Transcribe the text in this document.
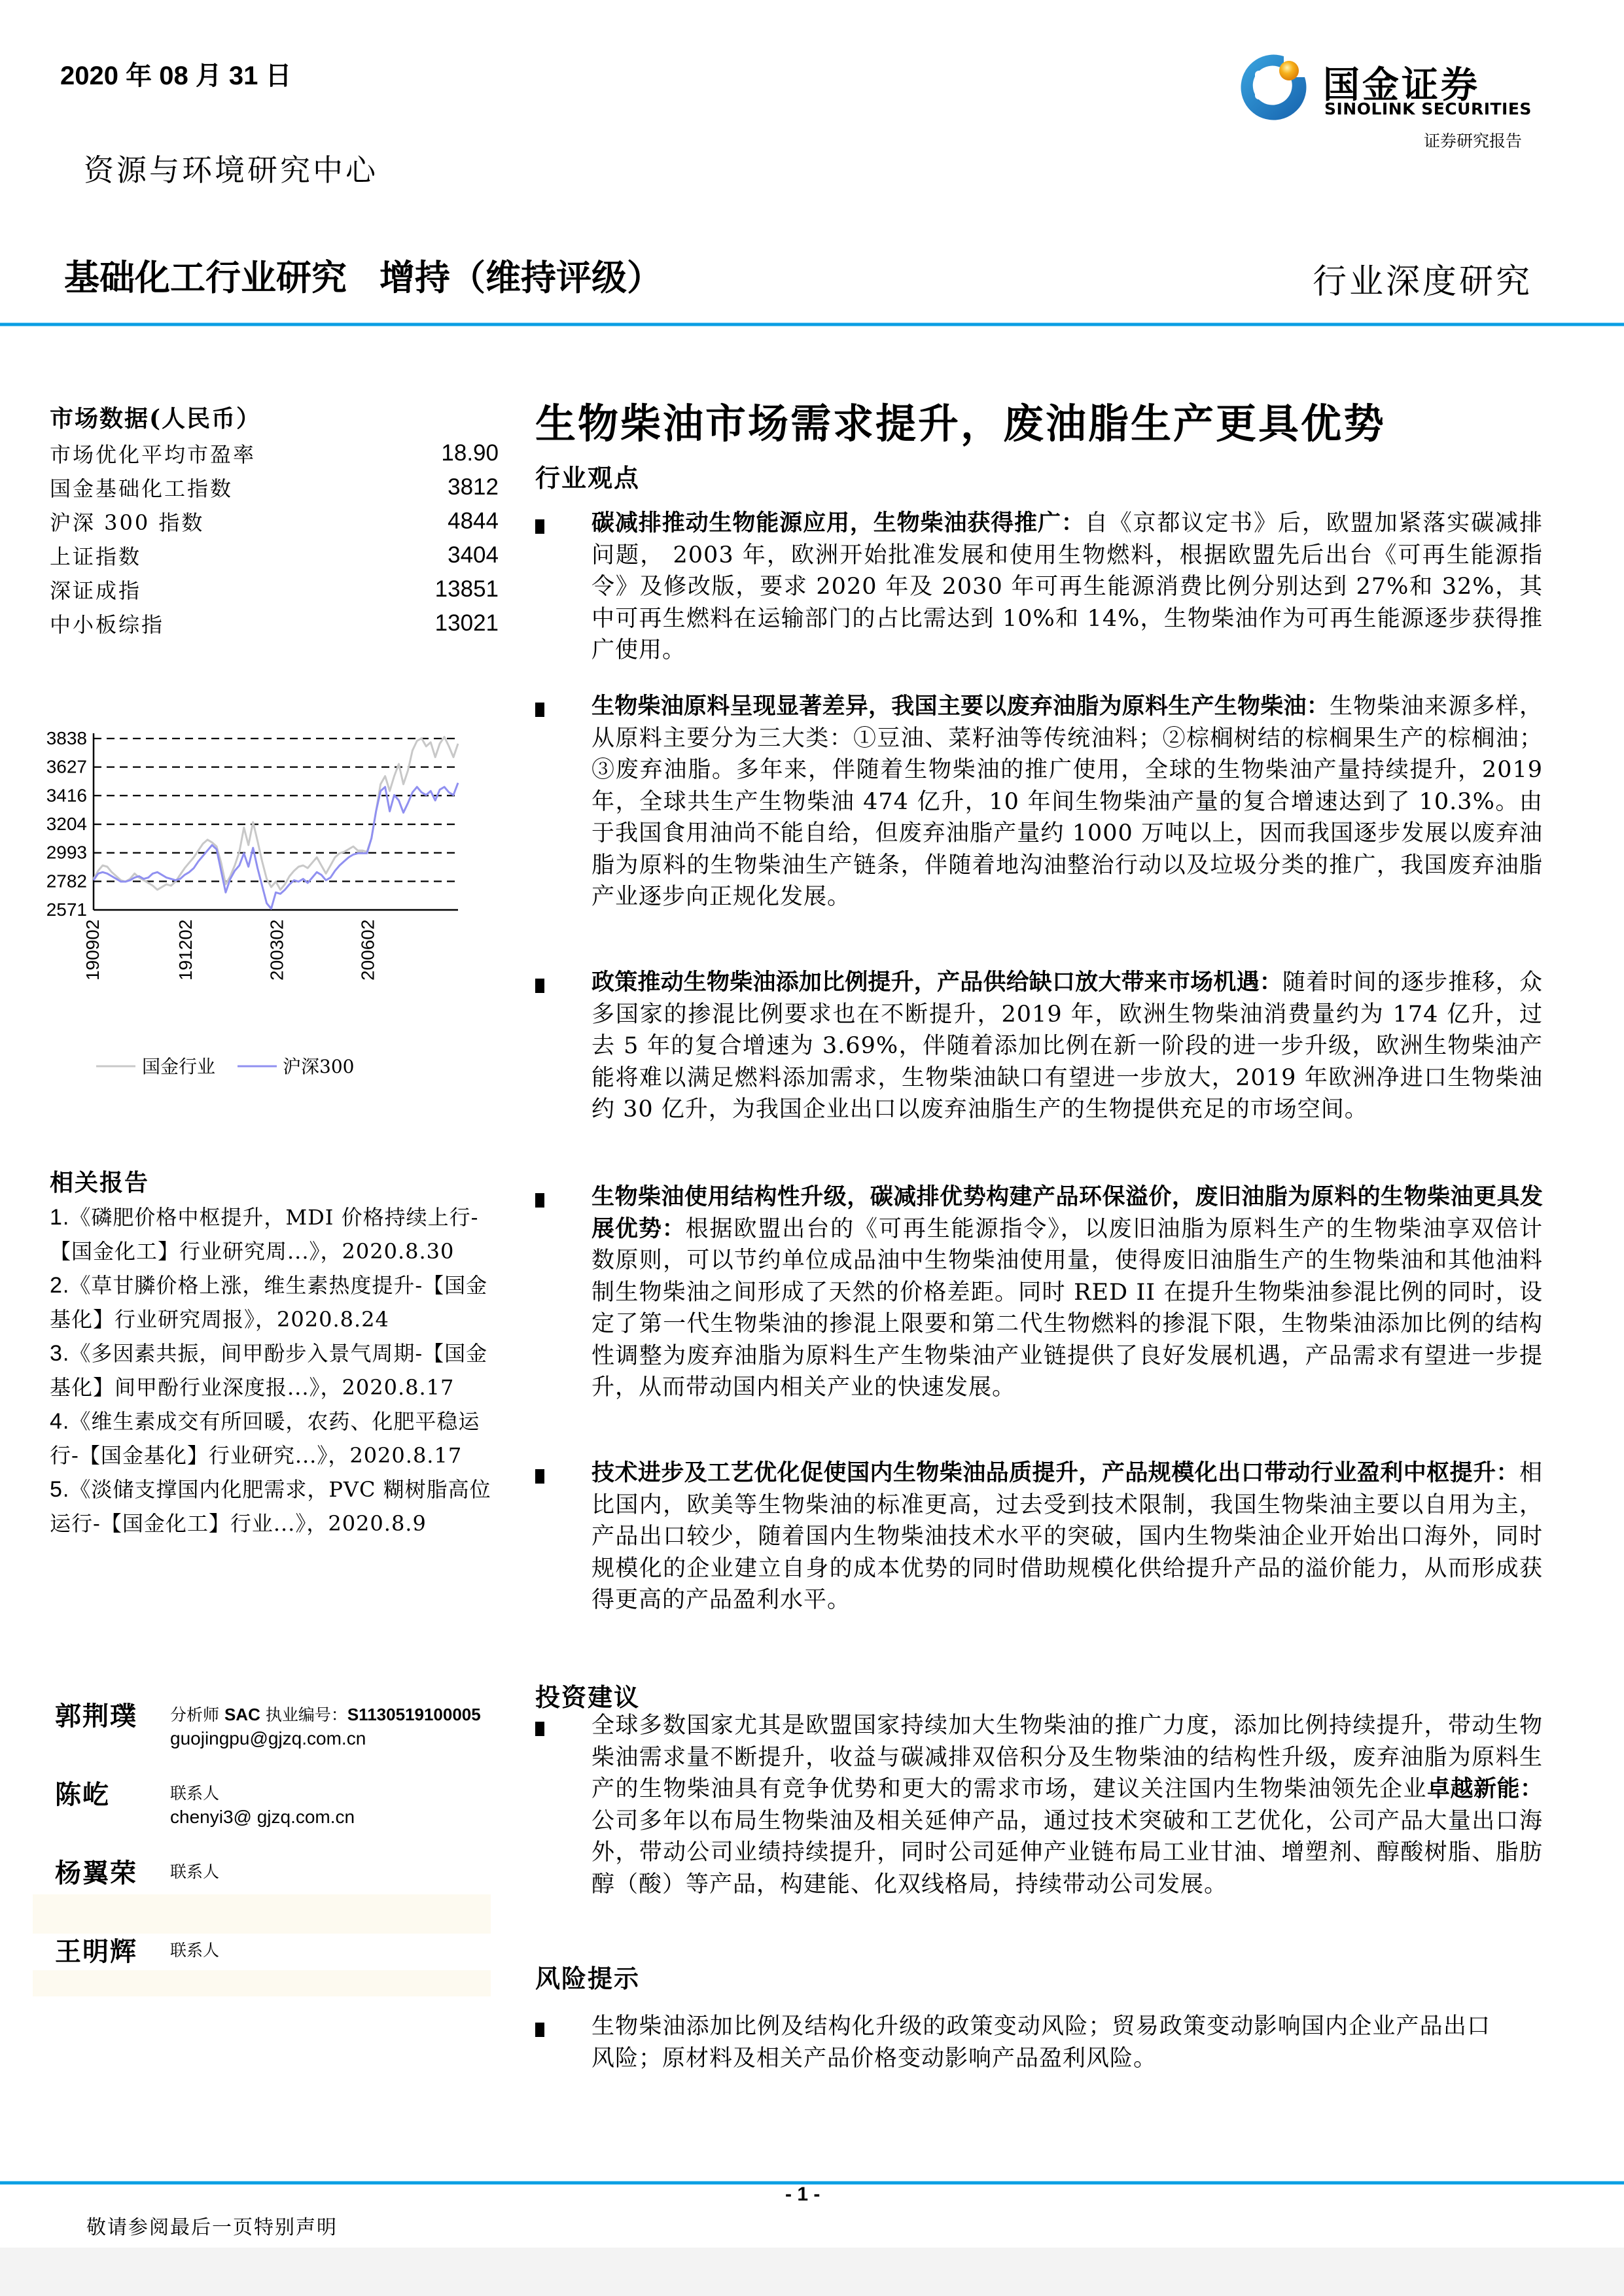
2020 年 08 月 31 日	国金证券
SINOLINK SECURITIES
证券研究报告
资源与环境研究中心
基础化工行业研究 增持（维持评级）	行业深度研究
市场数据(人民币）
市场优化平均市盈率	18.90
国金基础化工指数	3812
沪深 300 指数	4844
上证指数	3404
深证成指	13851
中小板综指	13021
2571
2782
2993
3204
3416
3627
3838
190902	191202	200302	200602
国金行业	沪深300
相关报告
1.《磷肥价格中枢提升，MDI 价格持续上行-【国金化工】行业研究周...》，2020.8.30
2.《草甘膦价格上涨，维生素热度提升-【国金基化】行业研究周报》，2020.8.24
3.《多因素共振，间甲酚步入景气周期-【国金基化】间甲酚行业深度报...》，2020.8.17
4.《维生素成交有所回暖，农药、化肥平稳运行-【国金基化】行业研究...》，2020.8.17
5.《淡储支撑国内化肥需求，PVC 糊树脂高位运行-【国金化工】行业...》，2020.8.9
郭荆璞 分析师 SAC 执业编号：S1130519100005
guojingpu@gjzq.com.cn
陈屹	联系人
chenyi3@ gjzq.com.cn
杨翼荣 联系人
王明辉 联系人
生物柴油市场需求提升，废油脂生产更具优势
行业观点
碳减排推动生物能源应用，生物柴油获得推广：自《京都议定书》后，欧盟加紧落实碳减排问题， 2003 年，欧洲开始批准发展和使用生物燃料，根据欧盟先后出台《可再生能源指令》及修改版，要求 2020 年及 2030 年可再生能源消费比例分别达到 27%和 32%，其中可再生燃料在运输部门的占比需达到 10%和 14%，生物柴油作为可再生能源逐步获得推广使用。
生物柴油原料呈现显著差异，我国主要以废弃油脂为原料生产生物柴油：生物柴油来源多样，从原料主要分为三大类：①豆油、菜籽油等传统油料；②棕榈树结的棕榈果生产的棕榈油；③废弃油脂。多年来，伴随着生物柴油的推广使用，全球的生物柴油产量持续提升，2019 年，全球共生产生物柴油 474 亿升，10 年间生物柴油产量的复合增速达到了 10.3%。由于我国食用油尚不能自给，但废弃油脂产量约 1000 万吨以上，因而我国逐步发展以废弃油脂为原料的生物柴油生产链条，伴随着地沟油整治行动以及垃圾分类的推广，我国废弃油脂产业逐步向正规化发展。
政策推动生物柴油添加比例提升，产品供给缺口放大带来市场机遇：随着时间的逐步推移，众多国家的掺混比例要求也在不断提升，2019 年，欧洲生物柴油消费量约为 174 亿升，过去 5 年的复合增速为 3.69%，伴随着添加比例在新一阶段的进一步升级，欧洲生物柴油产能将难以满足燃料添加需求，生物柴油缺口有望进一步放大，2019 年欧洲净进口生物柴油约 30 亿升，为我国企业出口以废弃油脂生产的生物提供充足的市场空间。
生物柴油使用结构性升级，碳减排优势构建产品环保溢价，废旧油脂为原料的生物柴油更具发展优势：根据欧盟出台的《可再生能源指令》，以废旧油脂为原料生产的生物柴油享双倍计数原则，可以节约单位成品油中生物柴油使用量，使得废旧油脂生产的生物柴油和其他油料制生物柴油之间形成了天然的价格差距。同时 RED II 在提升生物柴油参混比例的同时，设定了第一代生物柴油的掺混上限要和第二代生物燃料的掺混下限，生物柴油添加比例的结构性调整为废弃油脂为原料生产生物柴油产业链提供了良好发展机遇，产品需求有望进一步提升，从而带动国内相关产业的快速发展。
技术进步及工艺优化促使国内生物柴油品质提升，产品规模化出口带动行业盈利中枢提升：相比国内，欧美等生物柴油的标准更高，过去受到技术限制，我国生物柴油主要以自用为主，产品出口较少，随着国内生物柴油技术水平的突破，国内生物柴油企业开始出口海外，同时规模化的企业建立自身的成本优势的同时借助规模化供给提升产品的溢价能力，从而形成获得更高的产品盈利水平。
投资建议
全球多数国家尤其是欧盟国家持续加大生物柴油的推广力度，添加比例持续提升，带动生物柴油需求量不断提升，收益与碳减排双倍积分及生物柴油的结构性升级，废弃油脂为原料生产的生物柴油具有竞争优势和更大的需求市场，建议关注国内生物柴油领先企业卓越新能：公司多年以布局生物柴油及相关延伸产品，通过技术突破和工艺优化，公司产品大量出口海外，带动公司业绩持续提升，同时公司延伸产业链布局工业甘油、增塑剂、醇酸树脂、脂肪醇（酸）等产品，构建能、化双线格局，持续带动公司发展。
风险提示
生物柴油添加比例及结构化升级的政策变动风险；贸易政策变动影响国内企业产品出口风险；原材料及相关产品价格变动影响产品盈利风险。
- 1 -
敬请参阅最后一页特别声明
